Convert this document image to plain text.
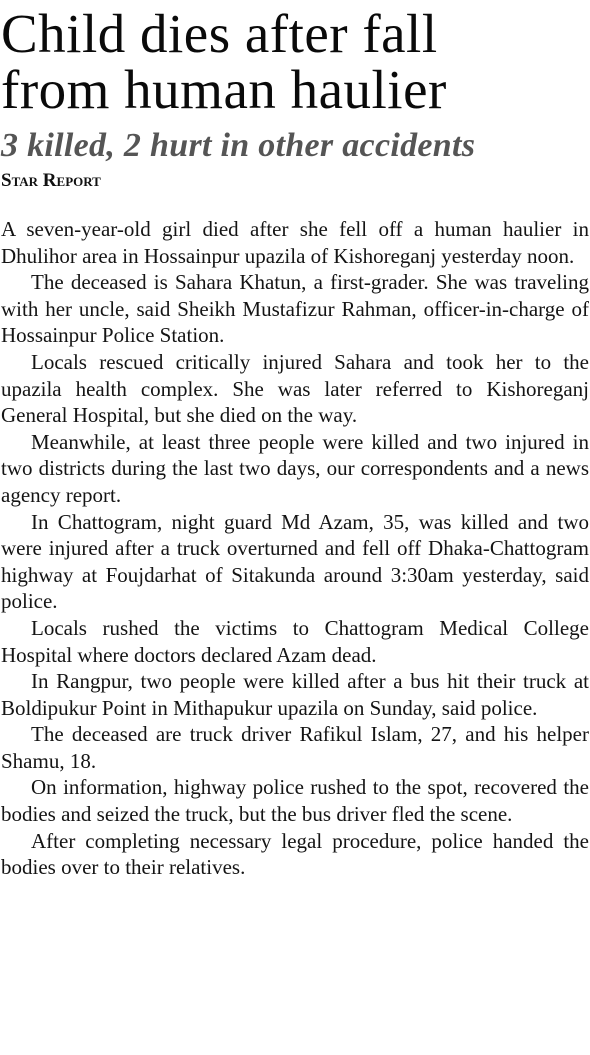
Child dies after fall
from human haulier
3 killed, 2 hurt in other accidents
Star Report

A seven-year-old girl died after she fell off a human haulier in Dhulihor area in Hossainpur upazila of Kishoreganj yesterday noon.

The deceased is Sahara Khatun, a first-grader. She was traveling with her uncle, said Sheikh Mustafizur Rahman, officer-in-charge of Hossainpur Police Station.

Locals rescued critically injured Sahara and took her to the upazila health complex. She was later referred to Kishoreganj General Hospital, but she died on the way.

Meanwhile, at least three people were killed and two injured in two districts during the last two days, our correspondents and a news agency report.

In Chattogram, night guard Md Azam, 35, was killed and two were injured after a truck overturned and fell off Dhaka-Chattogram highway at Foujdarhat of Sitakunda around 3:30am yesterday, said police.

Locals rushed the victims to Chattogram Medical College Hospital where doctors declared Azam dead.

In Rangpur, two people were killed after a bus hit their truck at Boldipukur Point in Mithapukur upazila on Sunday, said police.

The deceased are truck driver Rafikul Islam, 27, and his helper Shamu, 18.

On information, highway police rushed to the spot, recovered the bodies and seized the truck, but the bus driver fled the scene.

After completing necessary legal procedure, police handed the bodies over to their relatives.
